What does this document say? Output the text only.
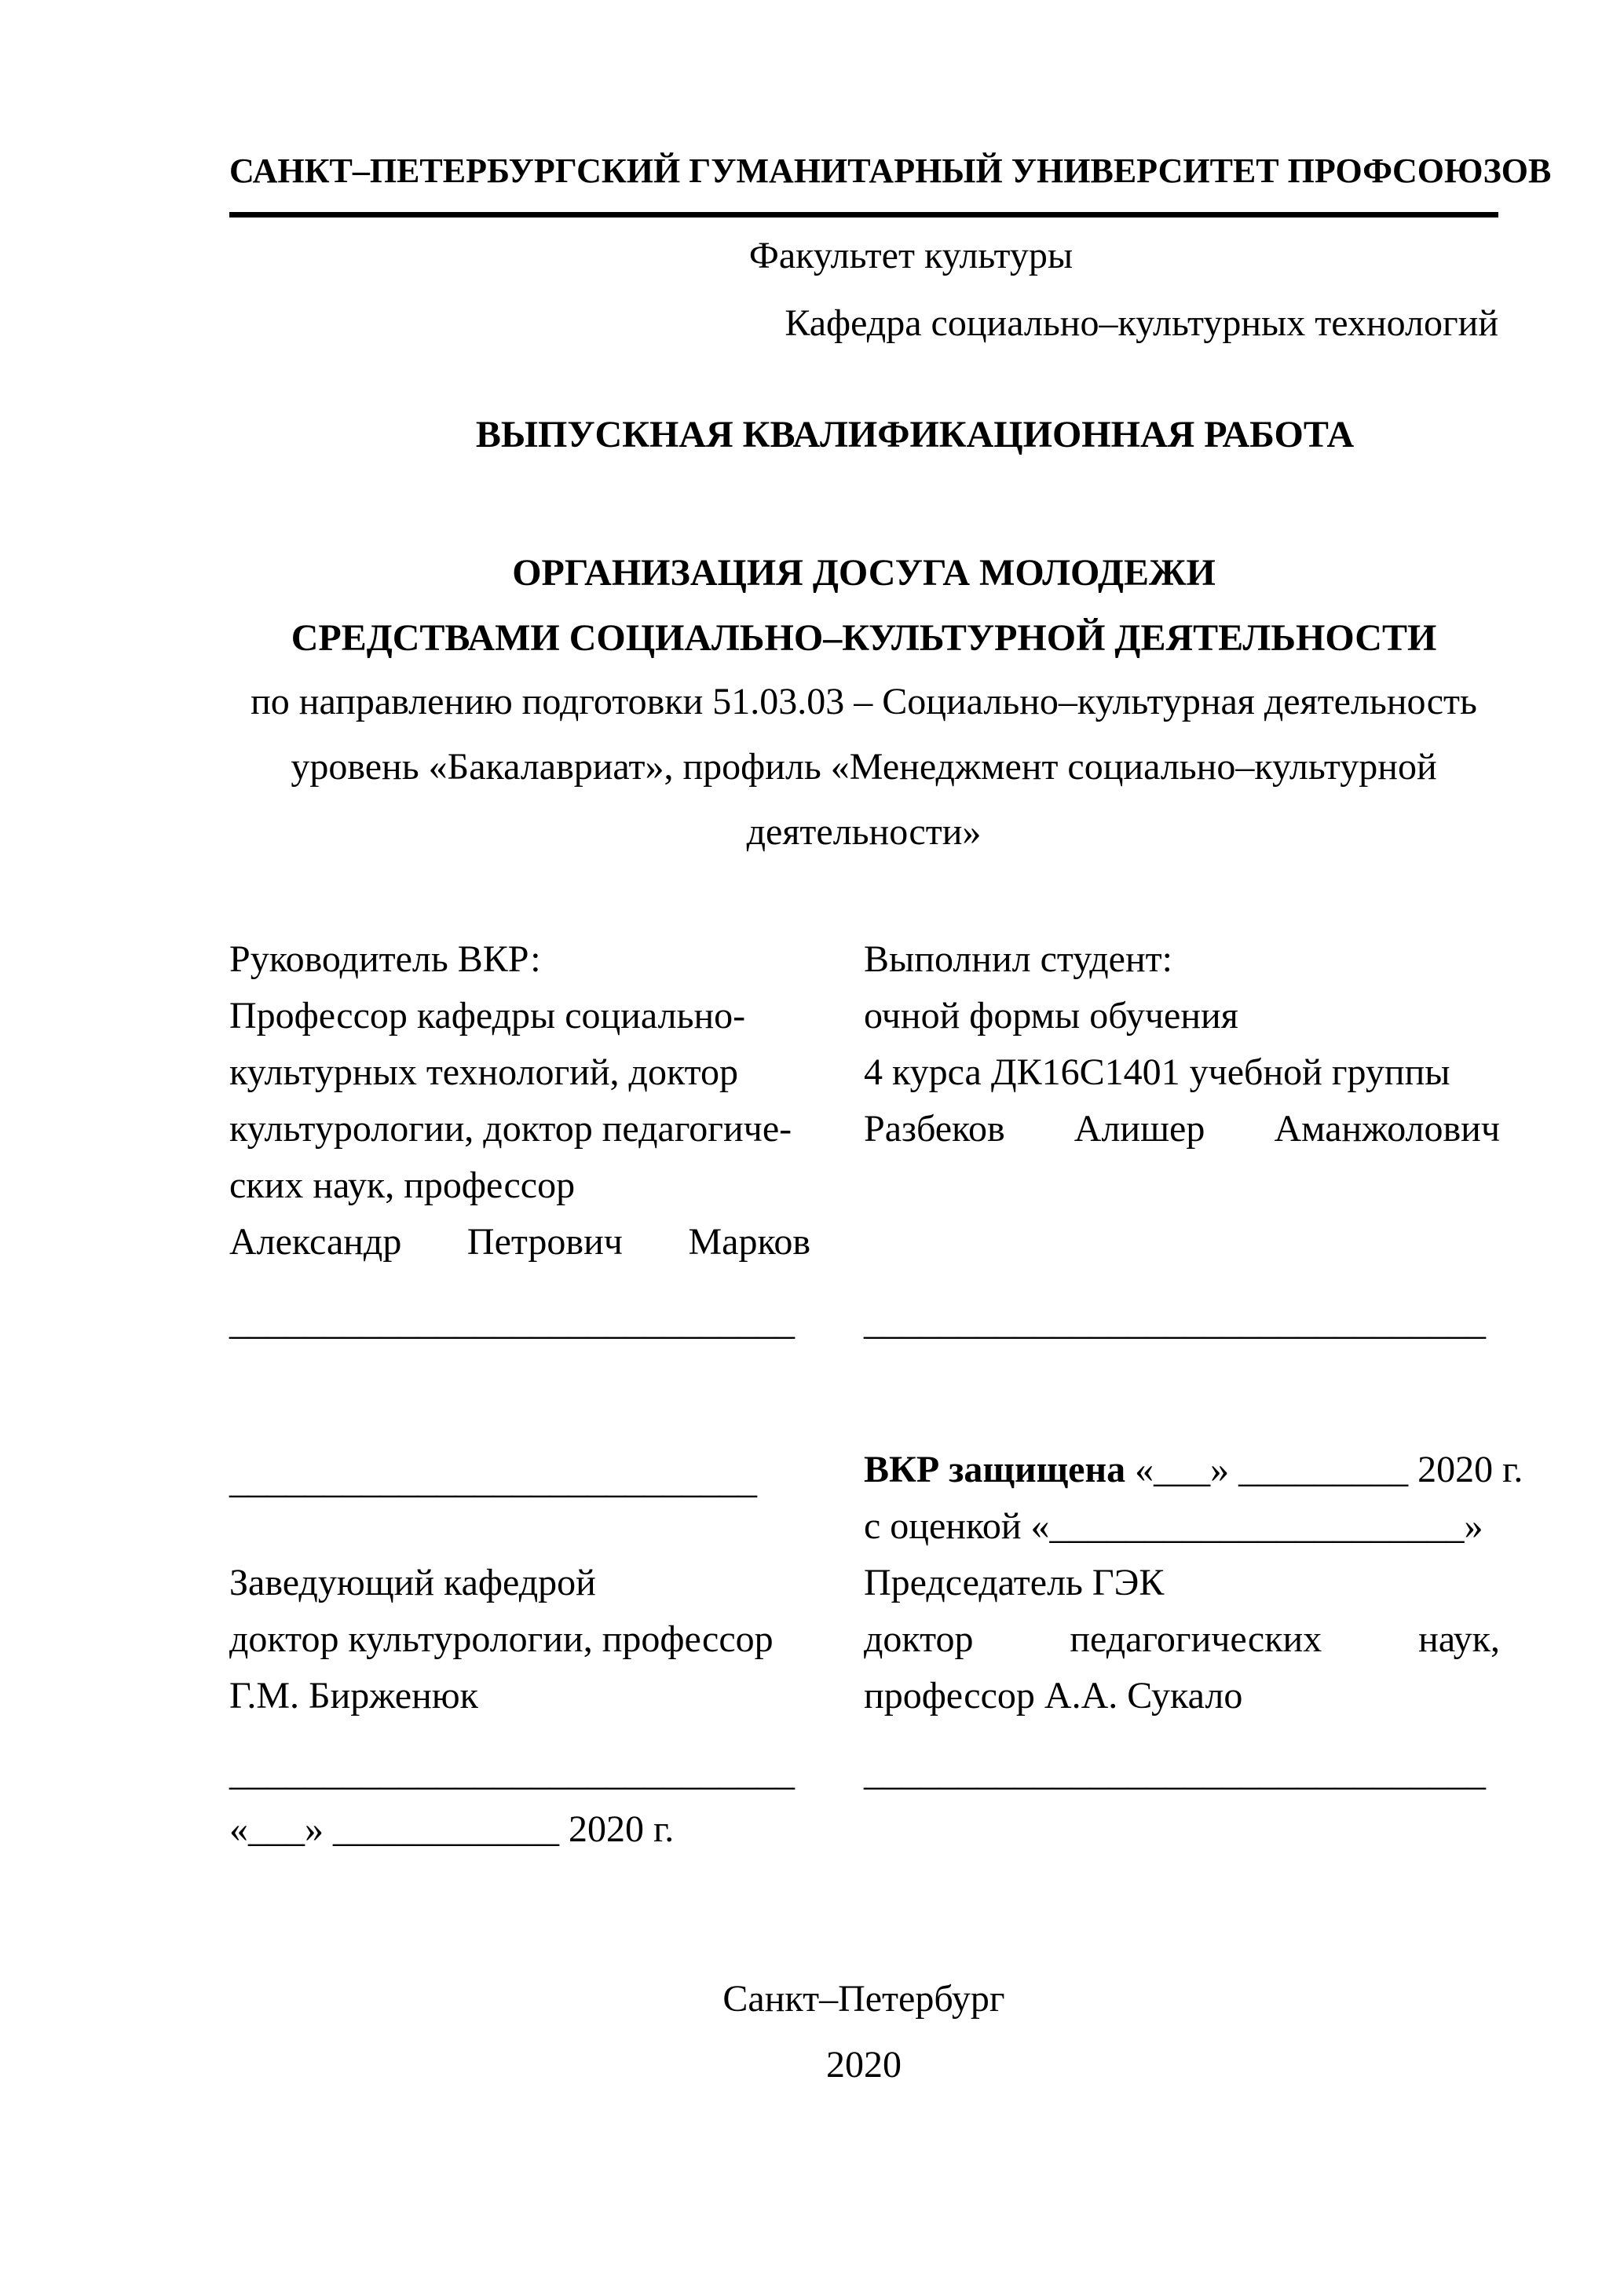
САНКТ–ПЕТЕРБУРГСКИЙ ГУМАНИТАРНЫЙ УНИВЕРСИТЕТ ПРОФСОЮЗОВ
Факультет культуры
Кафедра социально–культурных технологий
ВЫПУСКНАЯ КВАЛИФИКАЦИОННАЯ РАБОТА
ОРГАНИЗАЦИЯ ДОСУГА МОЛОДЕЖИ
СРЕДСТВАМИ СОЦИАЛЬНО–КУЛЬТУРНОЙ ДЕЯТЕЛЬНОСТИ
по направлению подготовки 51.03.03 – Социально–культурная деятельность
уровень «Бакалавриат», профиль «Менеджмент социально–культурной
деятельности»
Руководитель ВКР:
Профессор кафедры социально-
культурных технологий, доктор
культурологии, доктор педагогиче-
ских наук, профессор
Александр Петрович Марков
Выполнил студент:
очной формы обучения
4 курса ДК16С1401 учебной группы
Разбеков Алишер Аманжолович
______________________________	_________________________________
____________________________	ВКР защищена «___» _________ 2020 г.
с оценкой «______________________»
Заведующий кафедрой	Председатель ГЭК
доктор культурологии, профессор	доктор педагогических наук,
Г.М. Бирженюк	профессор А.А. Сукало
______________________________	_________________________________
«___» ____________ 2020 г.
Санкт–Петербург
2020
